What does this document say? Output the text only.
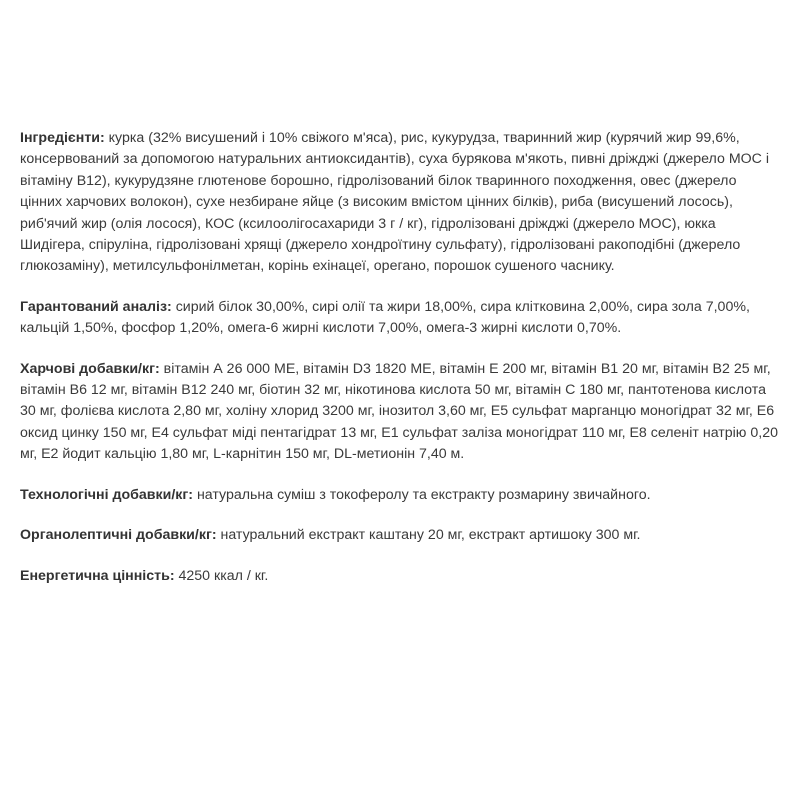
Інгредієнти: курка (32% висушений і 10% свіжого м'яса), рис, кукурудза, тваринний жир (курячий жир 99,6%, консервований за допомогою натуральних антиоксидантів), суха бурякова м'якоть, пивні дріжджі (джерело МОС і вітаміну В12), кукурудзяне глютенове борошно, гідролізований білок тваринного походження, овес (джерело цінних харчових волокон), сухе незбиране яйце (з високим вмістом цінних білків), риба (висушений лосось), риб'ячий жир (олія лосося), КОС (ксилоолігосахариди 3 г / кг), гідролізовані дріжджі (джерело МОС), юкка Шидігера, спіруліна, гідролізовані хрящі (джерело хондроїтину сульфату), гідролізовані ракоподібні (джерело глюкозаміну), метилсульфонілметан, корінь ехінацеї, орегано, порошок сушеного часнику.

Гарантований аналіз: сирий білок 30,00%, сирі олії та жири 18,00%, сира клітковина 2,00%, сира зола 7,00%, кальцій 1,50%, фосфор 1,20%, омега-6 жирні кислоти 7,00%, омега-3 жирні кислоти 0,70%.

Харчові добавки/кг: вітамін А 26 000 МЕ, вітамін D3 1820 МЕ, вітамін Е 200 мг, вітамін В1 20 мг, вітамін В2 25 мг, вітамін В6 12 мг, вітамін В12 240 мг, біотин 32 мг, нікотинова кислота 50 мг, вітамін С 180 мг, пантотенова кислота 30 мг, фолієва кислота 2,80 мг, холіну хлорид 3200 мг, інозитол 3,60 мг, Е5 сульфат марганцю моногідрат 32 мг, Е6 оксид цинку 150 мг, Е4 сульфат міді пентагідрат 13 мг, Е1 сульфат заліза моногідрат 110 мг, Е8 селеніт натрію 0,20 мг, Е2 йодит кальцію 1,80 мг, L-карнітин 150 мг, DL-метионін 7,40 м.

Технологічні добавки/кг: натуральна суміш з токоферолу та екстракту розмарину звичайного.

Органолептичні добавки/кг: натуральний екстракт каштану 20 мг, екстракт артишоку 300 мг.

Енергетична цінність: 4250 ккал / кг.
